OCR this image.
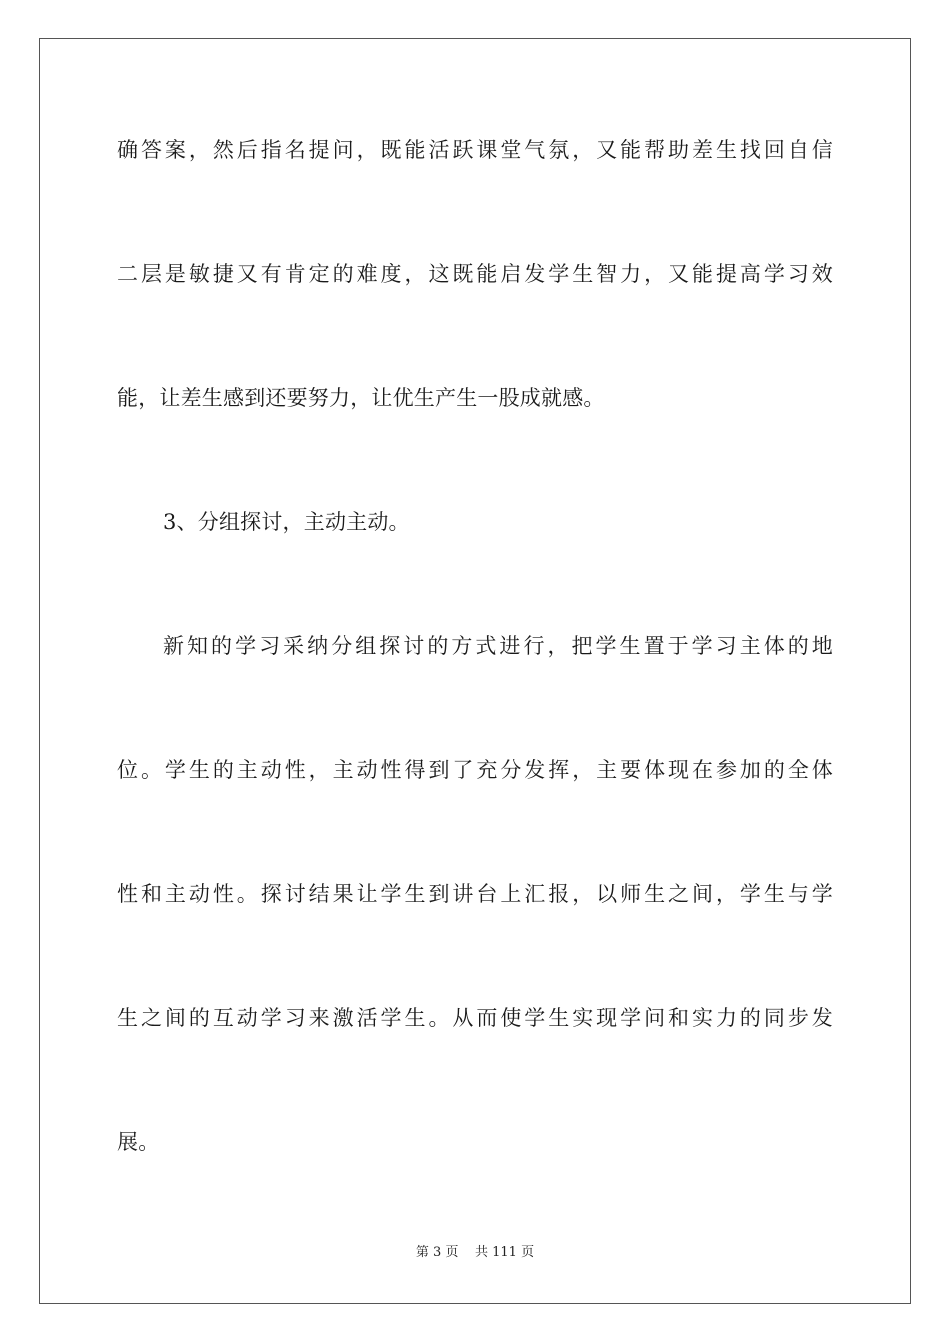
确答案，然后指名提问，既能活跃课堂气氛，又能帮助差生找回自信
二层是敏捷又有肯定的难度，这既能启发学生智力，又能提高学习效
能，让差生感到还要努力，让优生产生一股成就感。
3、分组探讨，主动主动。
新知的学习采纳分组探讨的方式进行，把学生置于学习主体的地
位。学生的主动性，主动性得到了充分发挥，主要体现在参加的全体
性和主动性。探讨结果让学生到讲台上汇报，以师生之间，学生与学
生之间的互动学习来激活学生。从而使学生实现学问和实力的同步发
展。
第 3 页 共 111 页
